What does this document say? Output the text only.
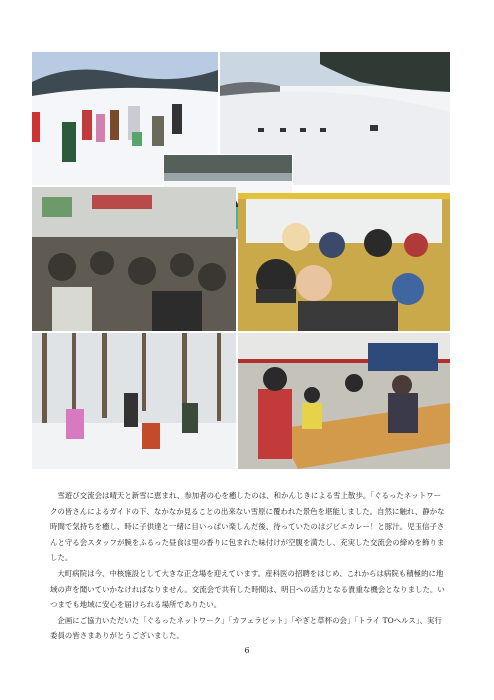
雪遊び交流会は晴天と新雪に恵まれ、参加者の心を癒したのは、和かんじきによる雪上散歩。「ぐるったネットワークの皆さんによるガイドの下、なかなか見ることの出来ない雪原に覆われた景色を堪能しました。自然に触れ、静かな時間で気持ちを癒し、時に子供達と一緒に目いっぱい楽しんだ後、待っていたのはジビエカレー！と豚汁。児玉信子さんと守る会スタッフが腕をふるった昼食は里の香りに包まれた味付けが空腹を満たし、充実した交流会の締めを飾りました。

大町病院は今、中核施設として大きな正念場を迎えています。産科医の招聘をはじめ、これからは病院も積極的に地域の声を聞いていかなければなりません。交流会で共有した時間は、明日への活力となる貴重な機会となりました。いつまでも地域に安心を届けられる場所でありたい。

企画にご協力いただいた「ぐるったネットワーク」「カフェラビット」「やぎと草杯の会」「トライ TOへルス」、実行委員の皆さまありがとうございました。

6
